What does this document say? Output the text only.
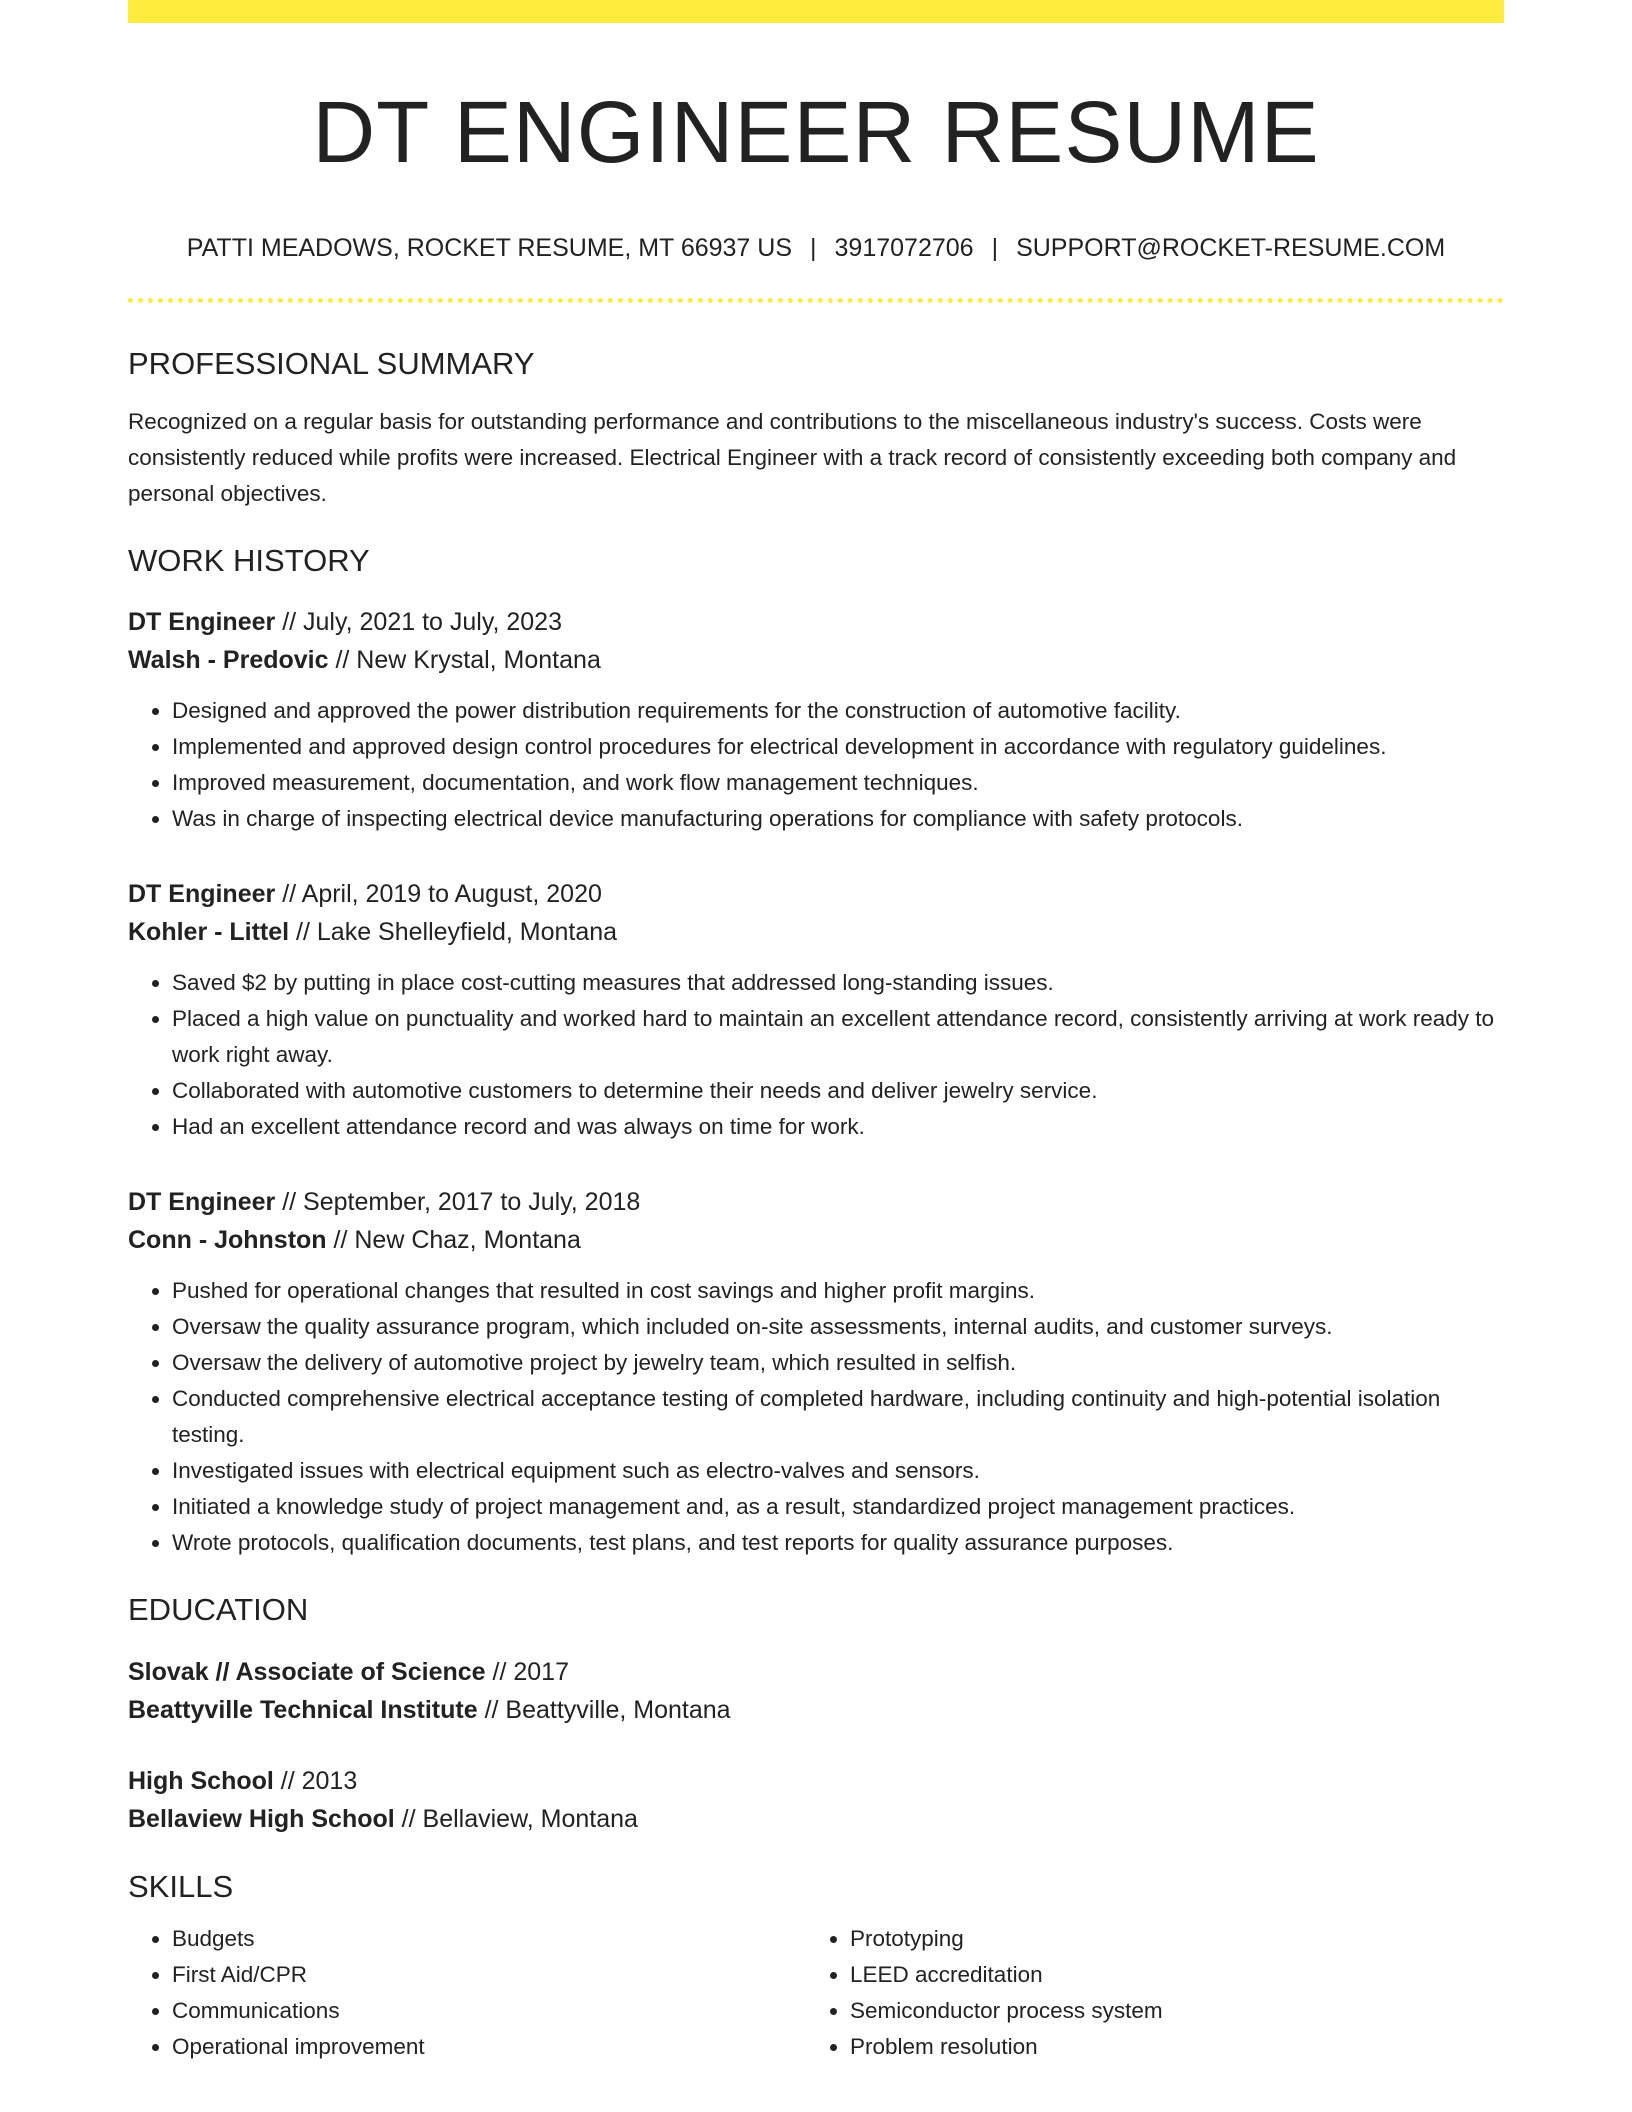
DT ENGINEER RESUME
PATTI MEADOWS, ROCKET RESUME, MT 66937 US | 3917072706 | SUPPORT@ROCKET-RESUME.COM
PROFESSIONAL SUMMARY
Recognized on a regular basis for outstanding performance and contributions to the miscellaneous industry's success. Costs were consistently reduced while profits were increased. Electrical Engineer with a track record of consistently exceeding both company and personal objectives.
WORK HISTORY
DT Engineer // July, 2021 to July, 2023
Walsh - Predovic // New Krystal, Montana
• Designed and approved the power distribution requirements for the construction of automotive facility.
• Implemented and approved design control procedures for electrical development in accordance with regulatory guidelines.
• Improved measurement, documentation, and work flow management techniques.
• Was in charge of inspecting electrical device manufacturing operations for compliance with safety protocols.
DT Engineer // April, 2019 to August, 2020
Kohler - Littel // Lake Shelleyfield, Montana
• Saved $2 by putting in place cost-cutting measures that addressed long-standing issues.
• Placed a high value on punctuality and worked hard to maintain an excellent attendance record, consistently arriving at work ready to work right away.
• Collaborated with automotive customers to determine their needs and deliver jewelry service.
• Had an excellent attendance record and was always on time for work.
DT Engineer // September, 2017 to July, 2018
Conn - Johnston // New Chaz, Montana
• Pushed for operational changes that resulted in cost savings and higher profit margins.
• Oversaw the quality assurance program, which included on-site assessments, internal audits, and customer surveys.
• Oversaw the delivery of automotive project by jewelry team, which resulted in selfish.
• Conducted comprehensive electrical acceptance testing of completed hardware, including continuity and high-potential isolation testing.
• Investigated issues with electrical equipment such as electro-valves and sensors.
• Initiated a knowledge study of project management and, as a result, standardized project management practices.
• Wrote protocols, qualification documents, test plans, and test reports for quality assurance purposes.
EDUCATION
Slovak // Associate of Science // 2017
Beattyville Technical Institute // Beattyville, Montana
High School // 2013
Bellaview High School // Bellaview, Montana
SKILLS
• Budgets
• First Aid/CPR
• Communications
• Operational improvement
• Prototyping
• LEED accreditation
• Semiconductor process system
• Problem resolution
